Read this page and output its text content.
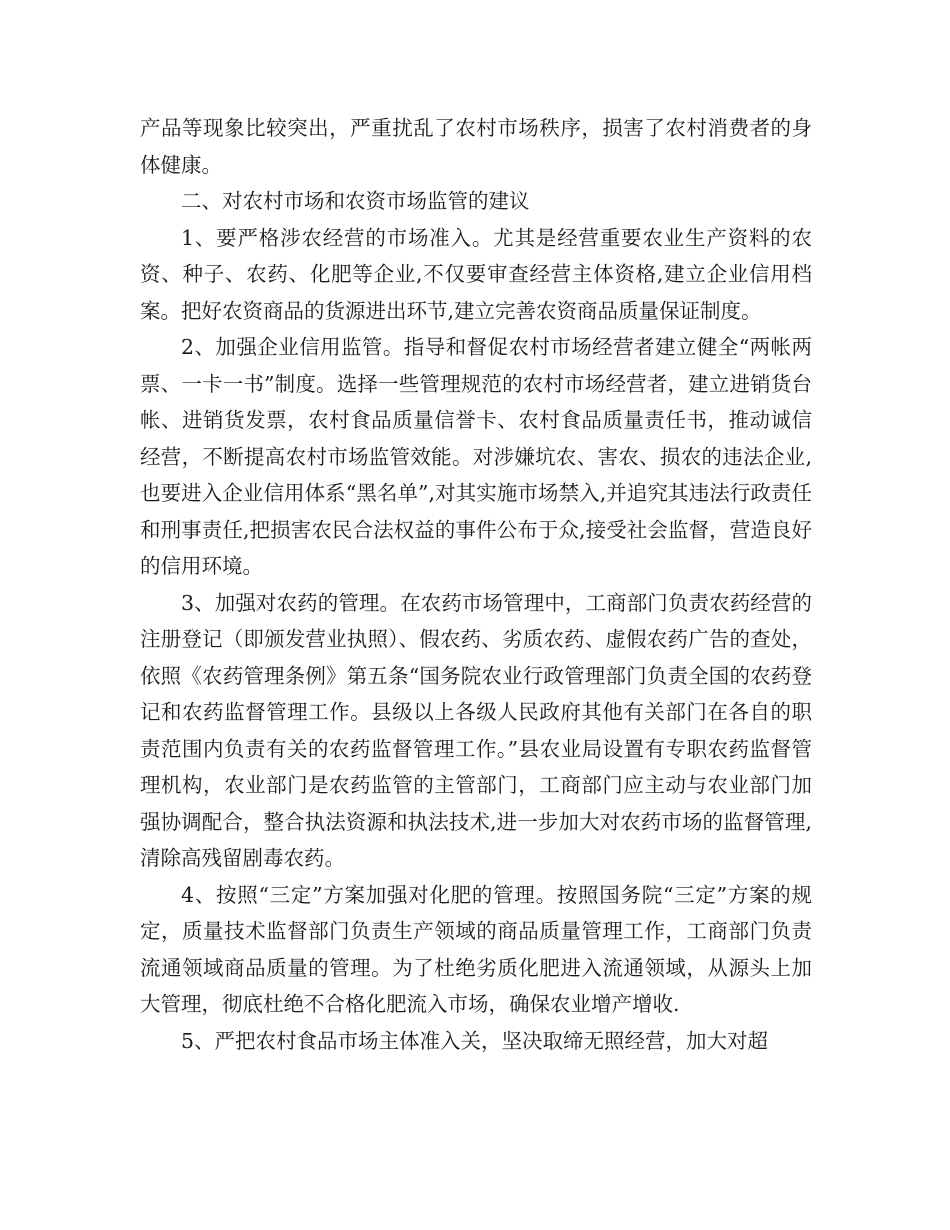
产品等现象比较突出，严重扰乱了农村市场秩序，损害了农村消费者的身体健康。

二、对农村市场和农资市场监管的建议

1、要严格涉农经营的市场准入。尤其是经营重要农业生产资料的农资、种子、农药、化肥等企业,不仅要审查经营主体资格,建立企业信用档案。把好农资商品的货源进出环节,建立完善农资商品质量保证制度。

2、加强企业信用监管。指导和督促农村市场经营者建立健全“两帐两票、一卡一书”制度。选择一些管理规范的农村市场经营者，建立进销货台帐、进销货发票，农村食品质量信誉卡、农村食品质量责任书，推动诚信经营，不断提高农村市场监管效能。对涉嫌坑农、害农、损农的违法企业,也要进入企业信用体系“黑名单”,对其实施市场禁入,并追究其违法行政责任和刑事责任,把损害农民合法权益的事件公布于众,接受社会监督，营造良好的信用环境。

3、加强对农药的管理。在农药市场管理中，工商部门负责农药经营的注册登记（即颁发营业执照）、假农药、劣质农药、虚假农药广告的查处，依照《农药管理条例》第五条“国务院农业行政管理部门负责全国的农药登记和农药监督管理工作。县级以上各级人民政府其他有关部门在各自的职责范围内负责有关的农药监督管理工作。”县农业局设置有专职农药监督管理机构，农业部门是农药监管的主管部门，工商部门应主动与农业部门加强协调配合，整合执法资源和执法技术,进一步加大对农药市场的监督管理,清除高残留剧毒农药。

4、按照“三定”方案加强对化肥的管理。按照国务院“三定”方案的规定，质量技术监督部门负责生产领域的商品质量管理工作，工商部门负责流通领域商品质量的管理。为了杜绝劣质化肥进入流通领域，从源头上加大管理，彻底杜绝不合格化肥流入市场，确保农业增产增收.

5、严把农村食品市场主体准入关，坚决取缔无照经营，加大对超
